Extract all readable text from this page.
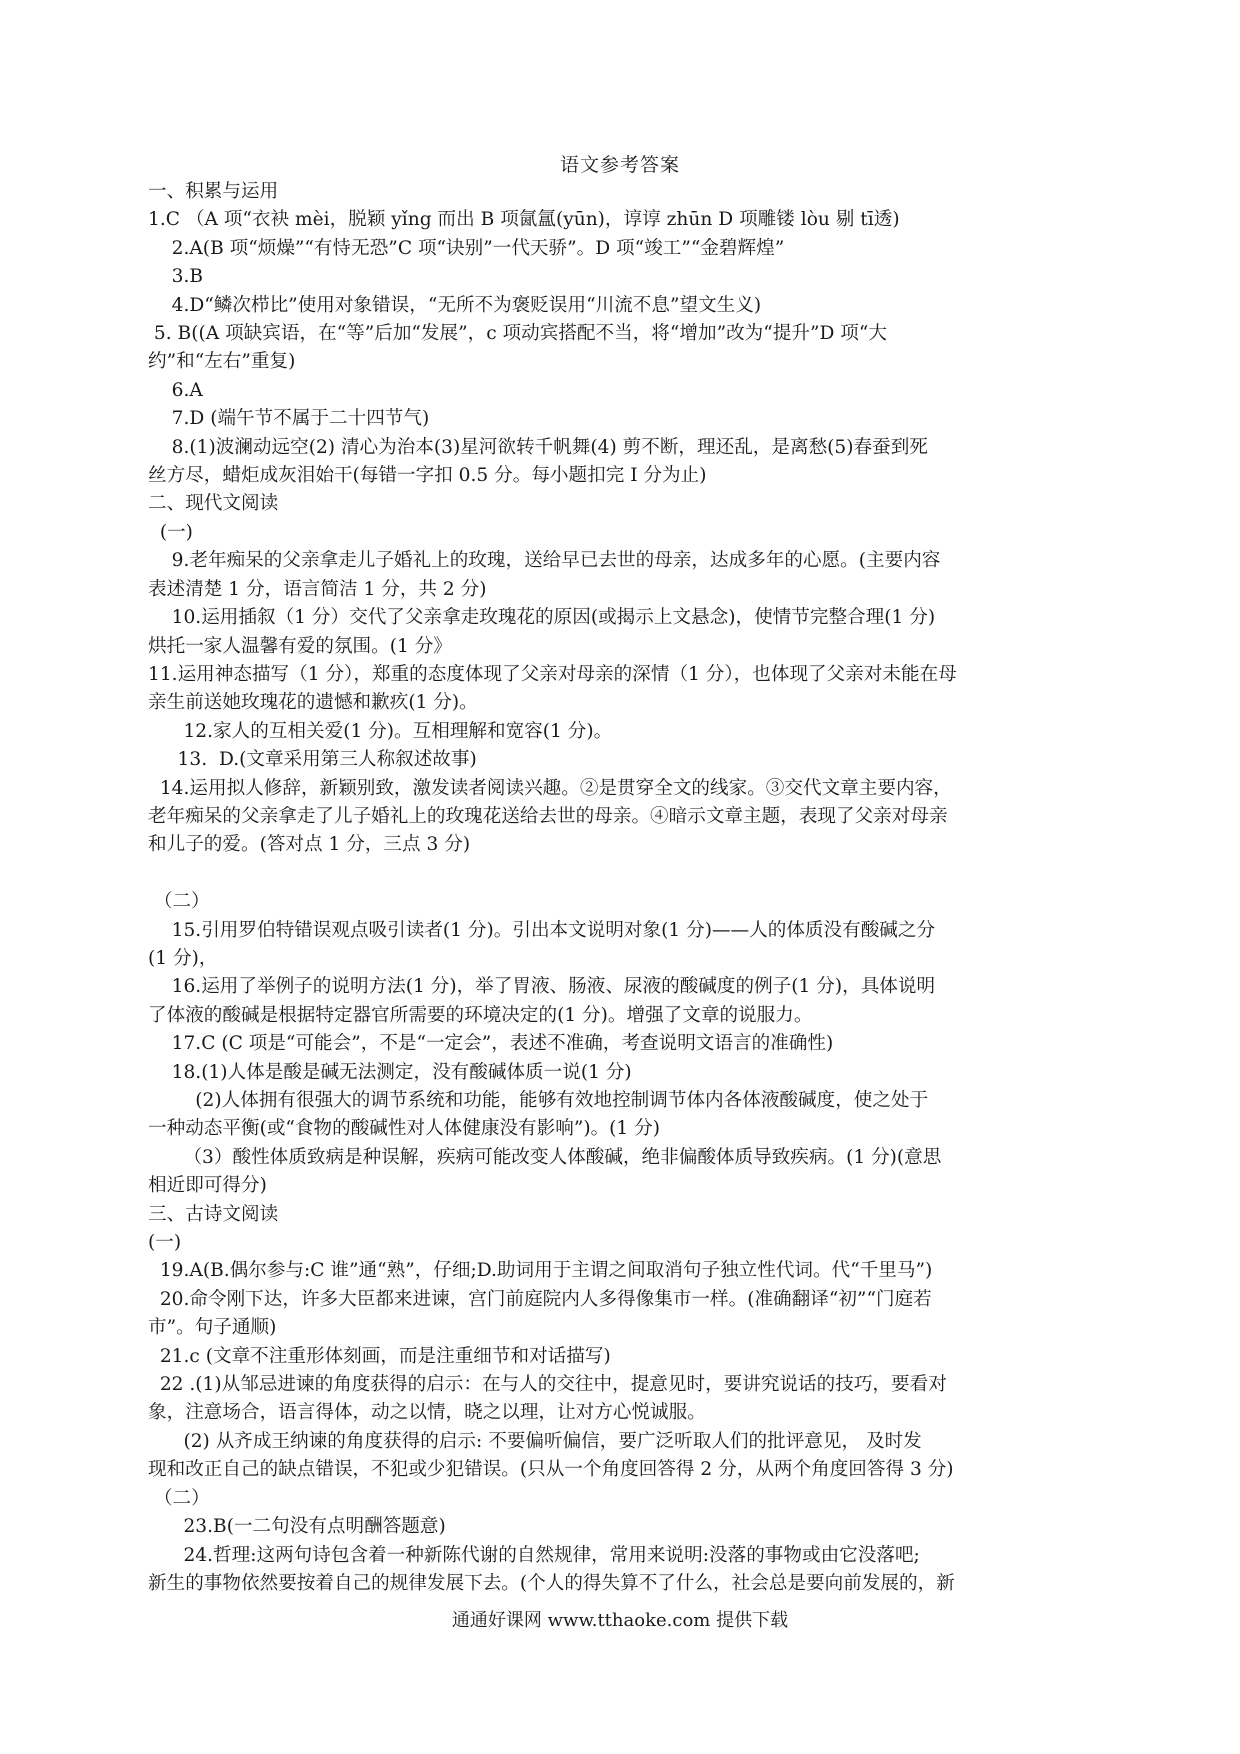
语文参考答案
一、积累与运用
1.C （A 项“衣袂 mèi，脱颖 yǐng 而出 B 项氤氲(yūn)，谆谆 zhūn D 项雕镂 lòu 剔 tī透)
2.A(B 项“烦燥”“有恃无恐”C 项“诀别”一代天骄”。D 项“竣工”“金碧辉煌”
3.B
4.D“鳞次栉比”使用对象错误，“无所不为褒贬误用“川流不息”望文生义)
5. B((A 项缺宾语，在“等”后加“发展”，c 项动宾搭配不当，将“增加”改为“提升”D 项“大
约”和“左右”重复)
6.A
7.D (端午节不属于二十四节气)
8.(1)波澜动远空(2) 清心为治本(3)星河欲转千帆舞(4) 剪不断，理还乱，是离愁(5)春蚕到死
丝方尽，蜡炬成灰泪始干(每错一字扣 0.5 分。每小题扣完 I 分为止)
二、现代文阅读
(一)
9.老年痴呆的父亲拿走儿子婚礼上的玫瑰，送给早已去世的母亲，达成多年的心愿。(主要内容
表述清楚 1 分，语言简洁 1 分，共 2 分)
10.运用插叙（1 分）交代了父亲拿走玫瑰花的原因(或揭示上文悬念)，使情节完整合理(1 分)
烘托一家人温馨有爱的氛围。(1 分》
11.运用神态描写（1 分），郑重的态度体现了父亲对母亲的深情（1 分），也体现了父亲对未能在母
亲生前送她玫瑰花的遗憾和歉疚(1 分)。
12.家人的互相关爱(1 分)。互相理解和宽容(1 分)。
13.  D.(文章采用第三人称叙述故事)
14.运用拟人修辞，新颖别致，激发读者阅读兴趣。②是贯穿全文的线家。③交代文章主要内容，
老年痴呆的父亲拿走了儿子婚礼上的玫瑰花送给去世的母亲。④暗示文章主题，表现了父亲对母亲
和儿子的爱。(答对点 1 分，三点 3 分)

（二）
15.引用罗伯特错误观点吸引读者(1 分)。引出本文说明对象(1 分)——人的体质没有酸碱之分
(1 分)，
16.运用了举例子的说明方法(1 分)，举了胃液、肠液、尿液的酸碱度的例子(1 分)，具体说明
了体液的酸碱是根据特定器官所需要的环境决定的(1 分)。增强了文章的说服力。
17.C (C 项是“可能会”，不是“一定会”，表述不准确，考查说明文语言的准确性)
18.(1)人体是酸是碱无法测定，没有酸碱体质一说(1 分)
(2)人体拥有很强大的调节系统和功能，能够有效地控制调节体内各体液酸碱度，使之处于
一种动态平衡(或“食物的酸碱性对人体健康没有影响”)。(1 分)
（3）酸性体质致病是种误解，疾病可能改变人体酸碱，绝非偏酸体质导致疾病。(1 分)(意思
相近即可得分)
三、古诗文阅读
(一)
19.A(B.偶尔参与:C 谁”通“熟”，仔细;D.助词用于主谓之间取消句子独立性代词。代“千里马”)
20.命令刚下达，许多大臣都来进谏，宫门前庭院内人多得像集市一样。(准确翻译“初”“门庭若
市”。句子通顺)
21.c (文章不注重形体刻画，而是注重细节和对话描写)
22 .(1)从邹忌进谏的角度获得的启示：在与人的交往中，提意见时，要讲究说话的技巧，要看对
象，注意场合，语言得体，动之以情，晓之以理，让对方心悦诚服。
(2) 从齐成王纳谏的角度获得的启示: 不要偏听偏信，要广泛听取人们的批评意见， 及时发
现和改正自己的缺点错误，不犯或少犯错误。(只从一个角度回答得 2 分，从两个角度回答得 3 分)
（二）
23.B(一二句没有点明酬答题意)
24.哲理:这两句诗包含着一种新陈代谢的自然规律，常用来说明:没落的事物或由它没落吧;
新生的事物依然要按着自己的规律发展下去。(个人的得失算不了什么，社会总是要向前发展的，新
通通好课网 www.tthaoke.com 提供下载
